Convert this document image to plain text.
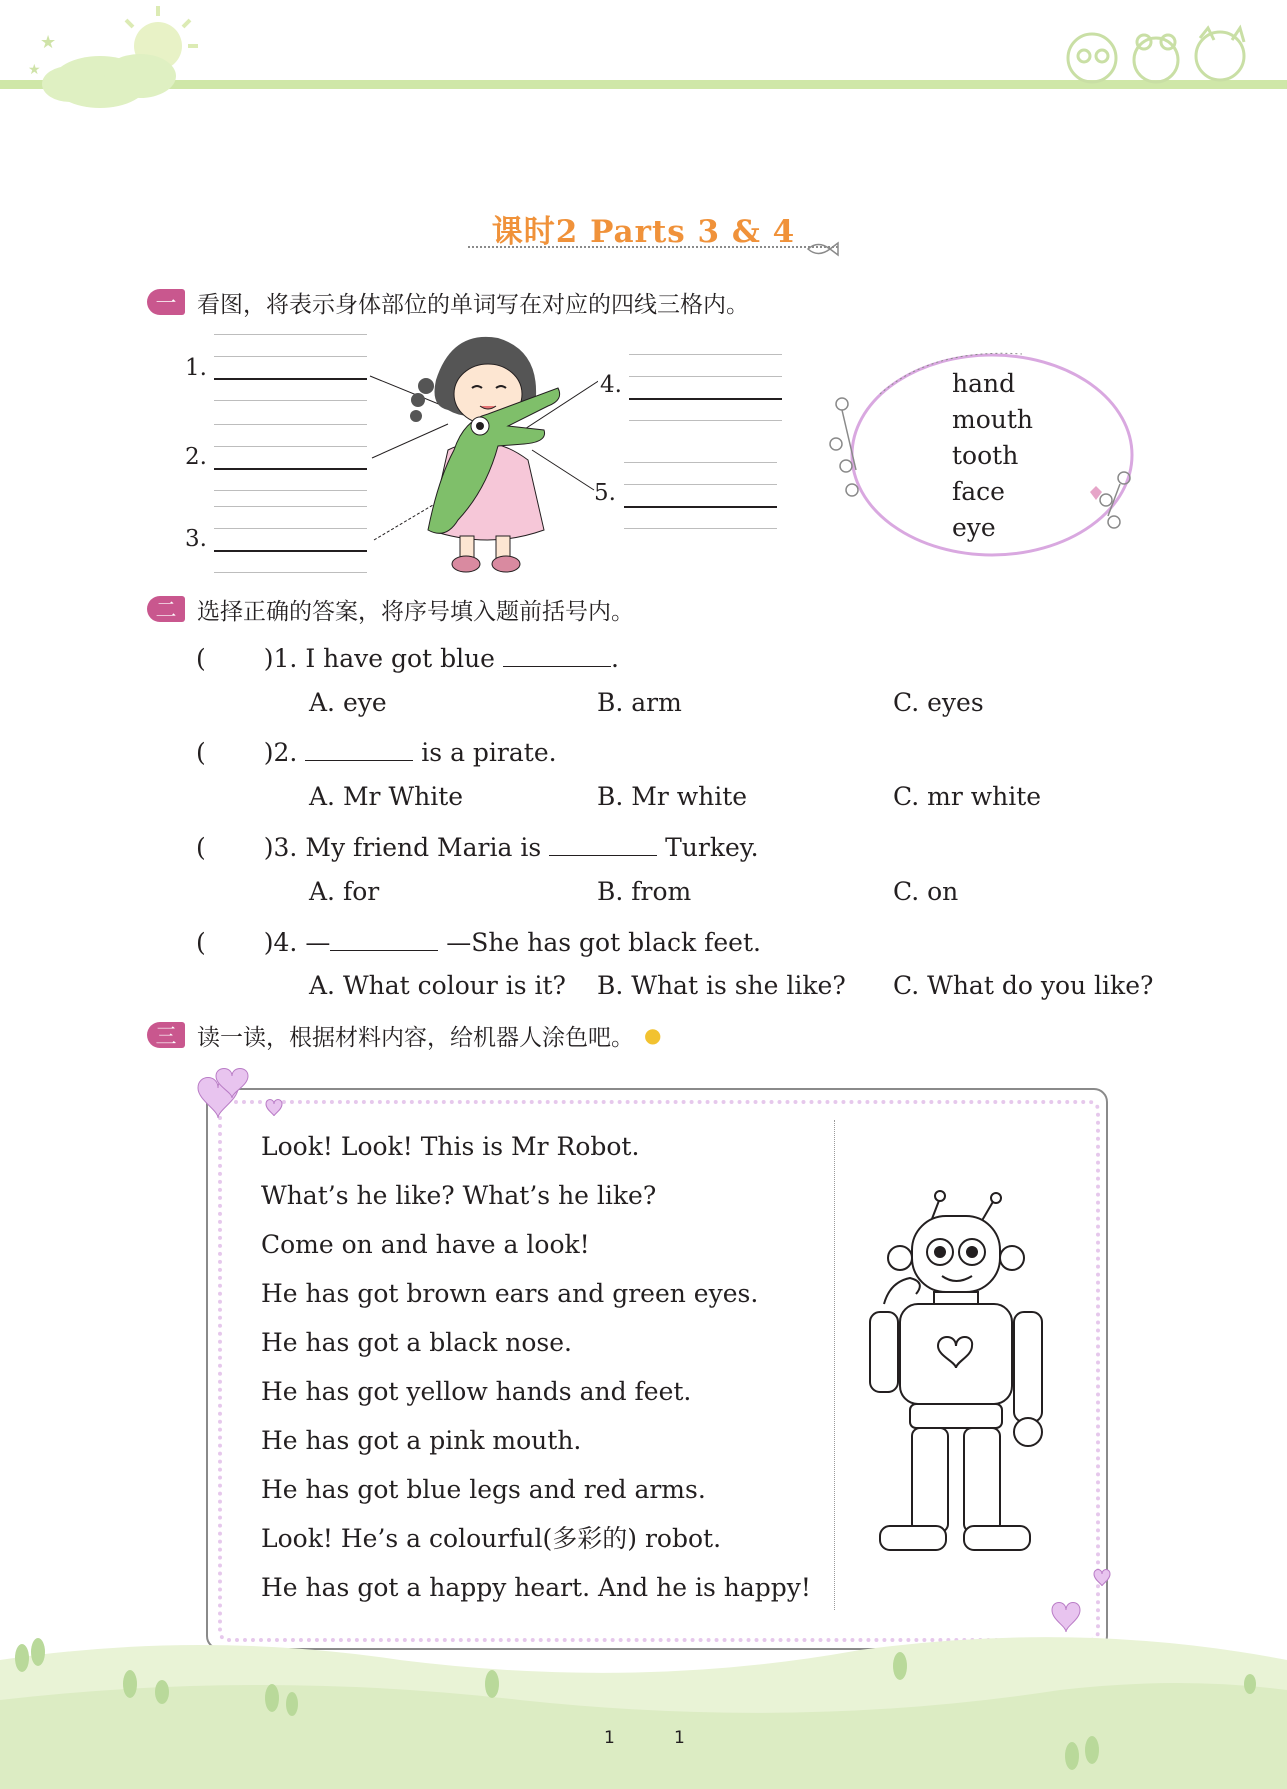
★
★
课时2 Parts 3 & 4
一 看图，将表示身体部位的单词写在对应的四线三格内。
1.
2.
3.
4.
5.
hand
mouth
tooth
face
eye
二 选择正确的答案，将序号填入题前括号内。
( )1. I have got blue	.
A. eye	B. arm	C. eyes
( )2.	is a pirate.
A. Mr White	B. Mr white	C. mr white
( )3. My friend Maria is	Turkey.
A. for	B. from	C. on
( )4. —	—She has got black feet.
A. What colour is it? B. What is she like? C. What do you like?
三 读一读，根据材料内容，给机器人涂色吧。 ●
Look! Look! This is Mr Robot.
What’s he like? What’s he like?
Come on and have a look!
He has got brown ears and green eyes.
He has got a black nose.
He has got yellow hands and feet.
He has got a pink mouth.
He has got blue legs and red arms.
Look! He’s a colourful(多彩的) robot.
He has got a happy heart. And he is happy!
1	1
